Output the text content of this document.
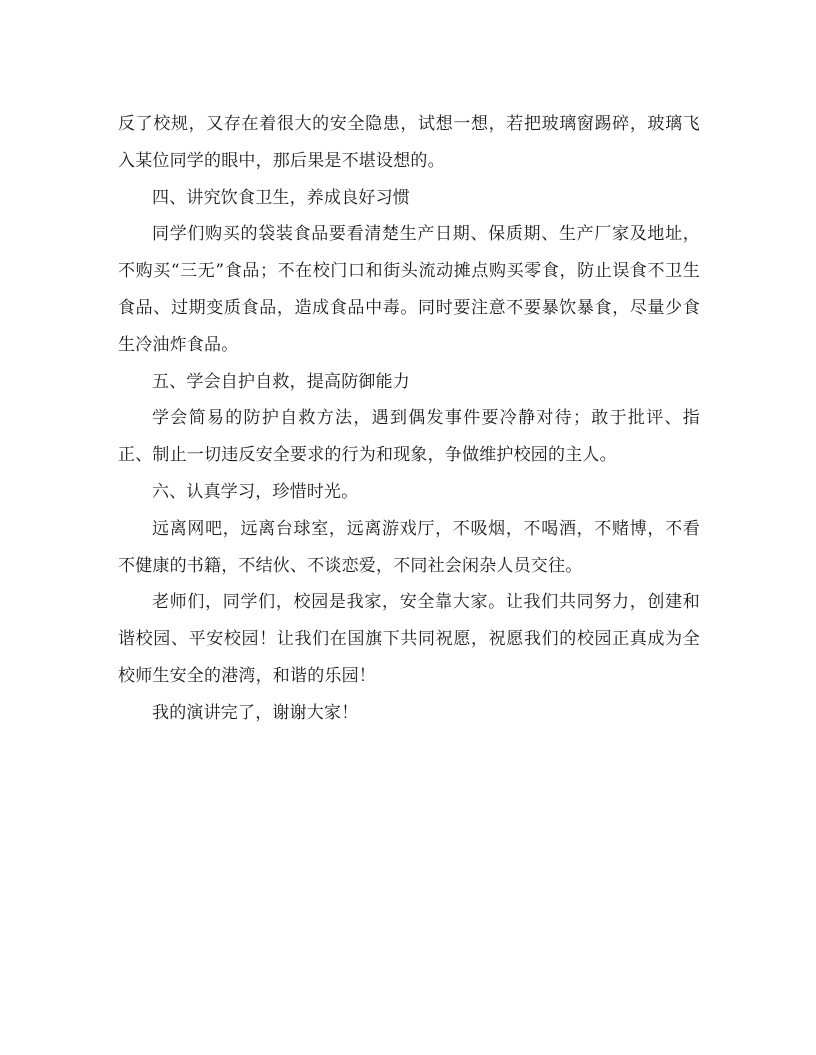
反了校规，又存在着很大的安全隐患，试想一想，若把玻璃窗踢碎，玻璃飞入某位同学的眼中，那后果是不堪设想的。

四、讲究饮食卫生，养成良好习惯

同学们购买的袋装食品要看清楚生产日期、保质期、生产厂家及地址，不购买“三无”食品；不在校门口和街头流动摊点购买零食，防止误食不卫生食品、过期变质食品，造成食品中毒。同时要注意不要暴饮暴食，尽量少食生冷油炸食品。

五、学会自护自救，提高防御能力

学会简易的防护自救方法，遇到偶发事件要冷静对待；敢于批评、指正、制止一切违反安全要求的行为和现象，争做维护校园的主人。

六、认真学习，珍惜时光。

远离网吧，远离台球室，远离游戏厅，不吸烟，不喝酒，不赌博，不看不健康的书籍，不结伙、不谈恋爱，不同社会闲杂人员交往。

老师们，同学们，校园是我家，安全靠大家。让我们共同努力，创建和谐校园、平安校园！让我们在国旗下共同祝愿，祝愿我们的校园正真成为全校师生安全的港湾，和谐的乐园！

我的演讲完了，谢谢大家！
